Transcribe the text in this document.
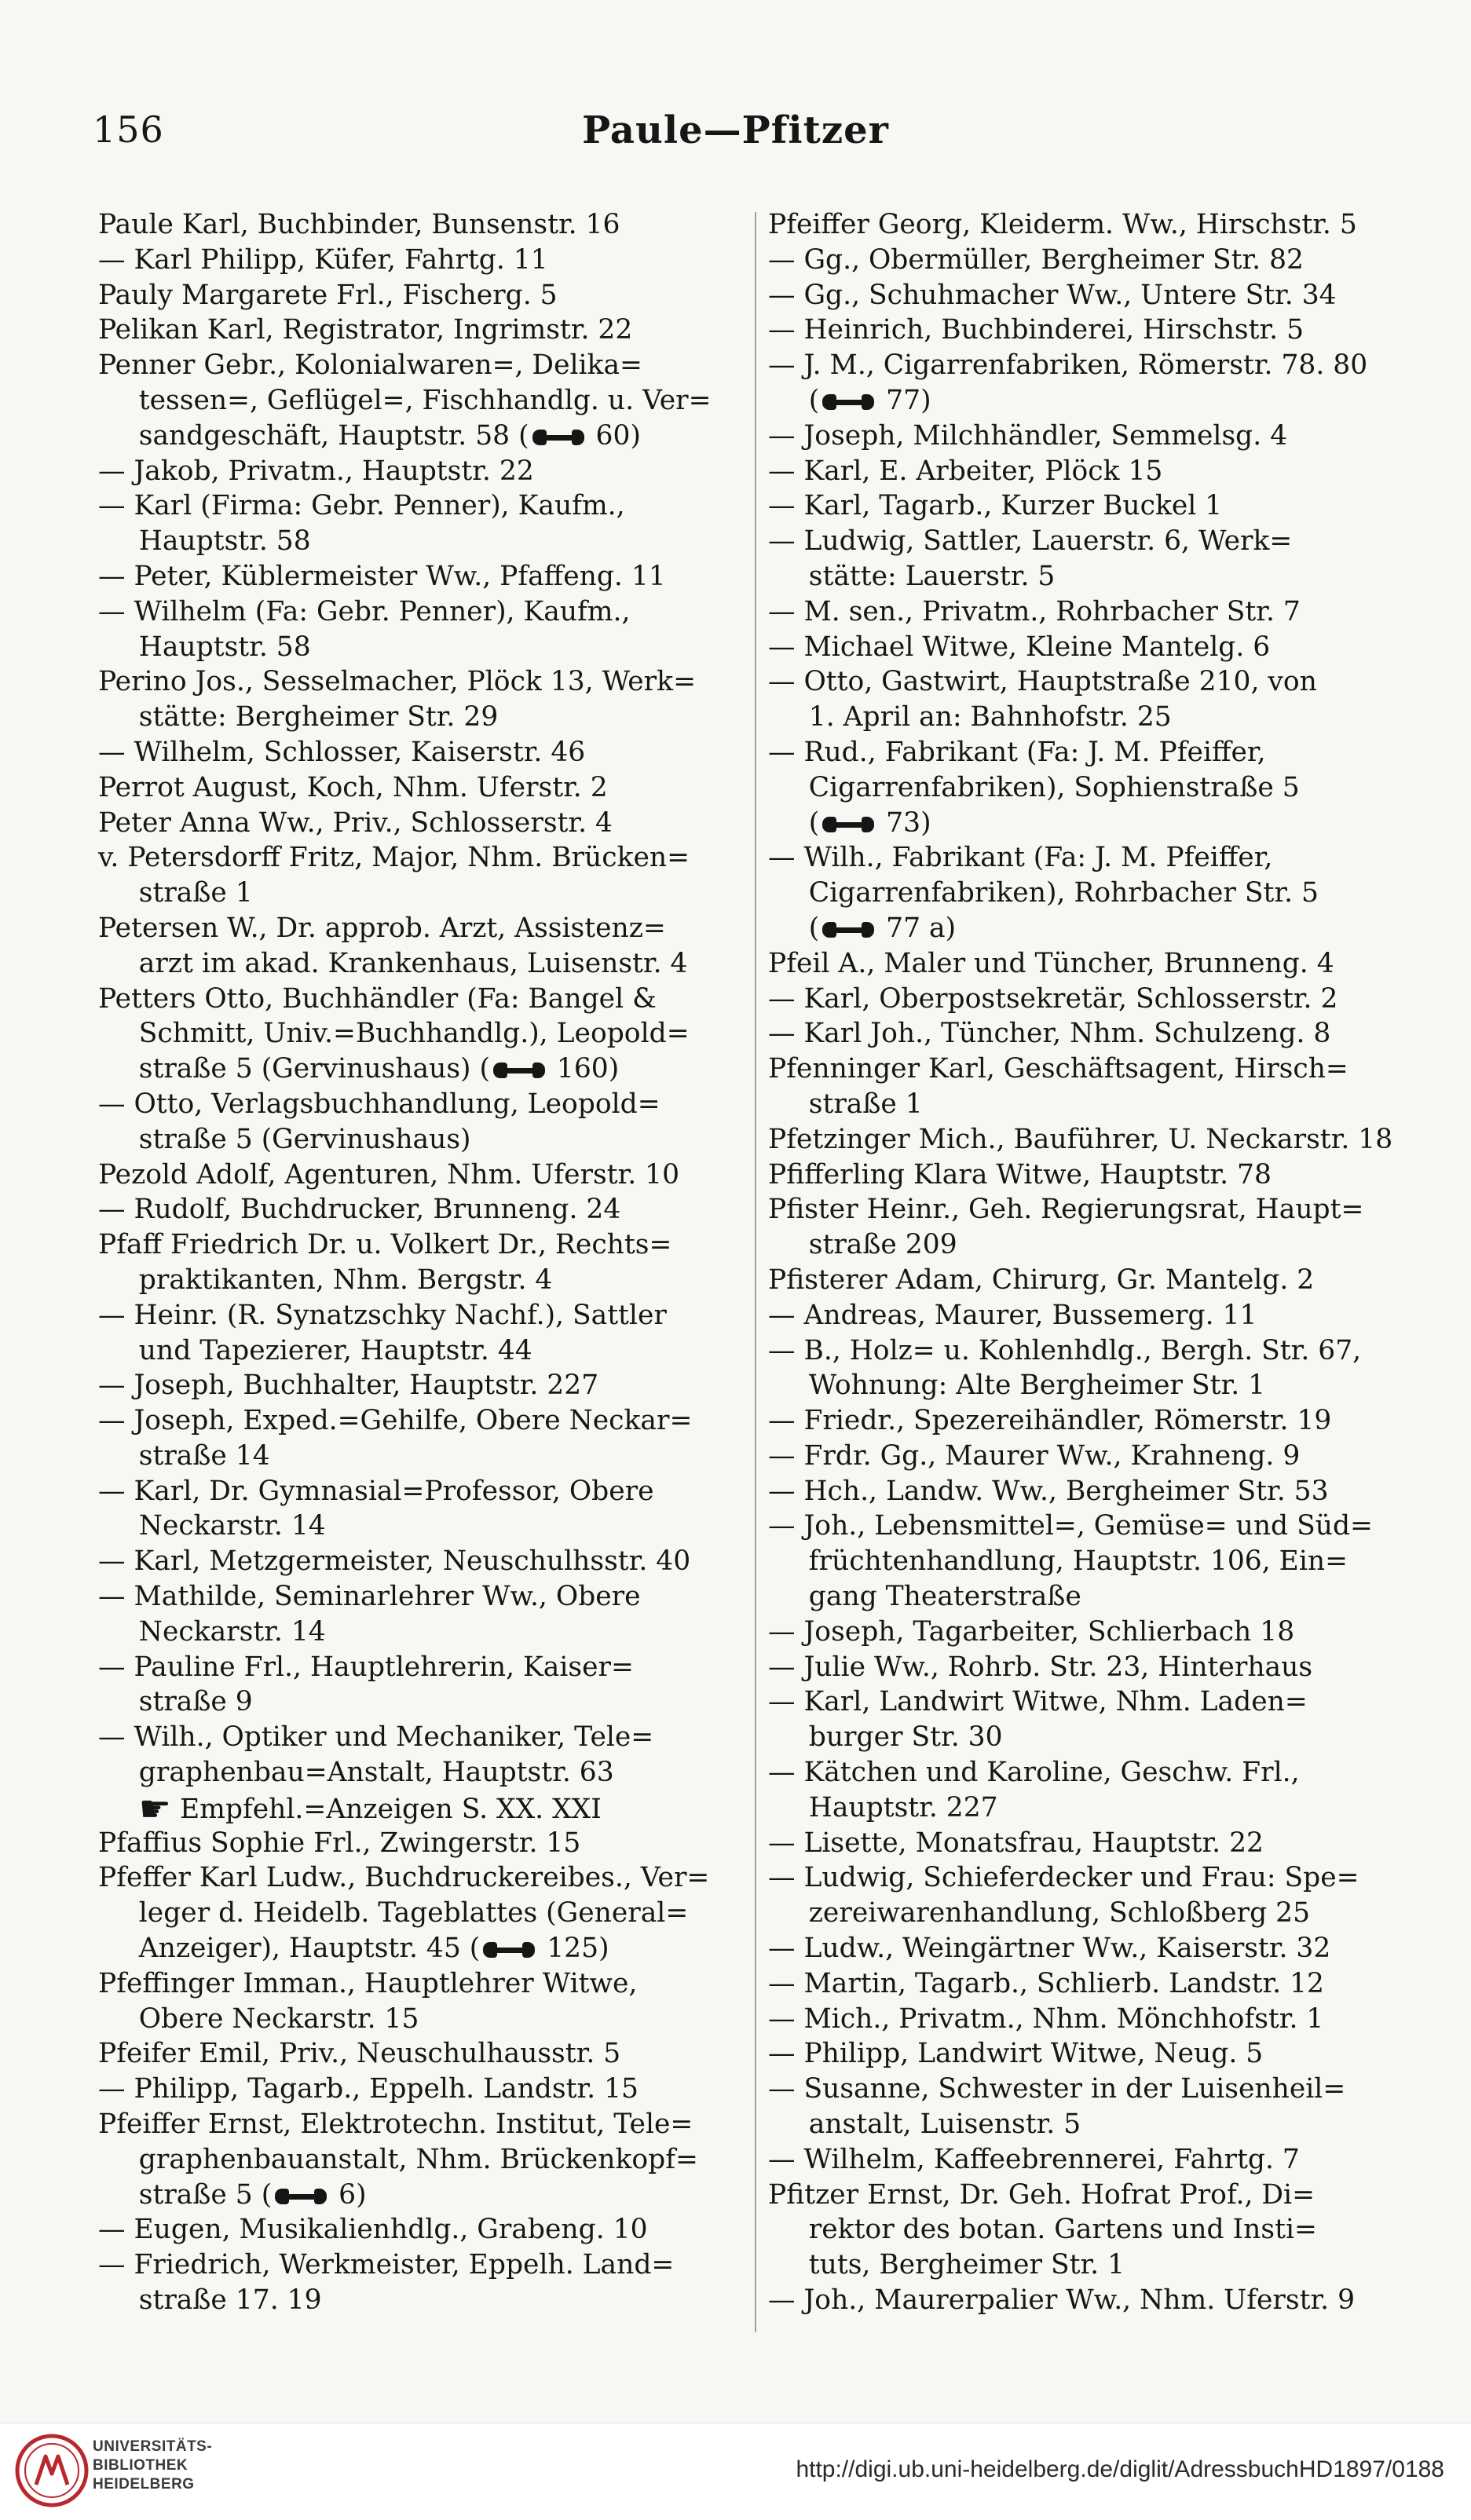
156	Paule—Pfitzer
Paule Karl, Buchbinder, Bunsenstr. 16
— Karl Philipp, Küfer, Fahrtg. 11
Pauly Margarete Frl., Fischerg. 5
Pelikan Karl, Registrator, Ingrimstr. 22
Penner Gebr., Kolonialwaren=, Delika=
  tessen=, Geflügel=, Fischhandlg. u. Ver=
  sandgeschäft, Hauptstr. 58 (
60)
— Jakob, Privatm., Hauptstr. 22
— Karl (Firma: Gebr. Penner), Kaufm.,
  Hauptstr. 58
— Peter, Küblermeister Ww., Pfaffeng. 11
— Wilhelm (Fa: Gebr. Penner), Kaufm.,
  Hauptstr. 58
Perino Jos., Sesselmacher, Plöck 13, Werk=
  stätte: Bergheimer Str. 29
— Wilhelm, Schlosser, Kaiserstr. 46
Perrot August, Koch, Nhm. Uferstr. 2
Peter Anna Ww., Priv., Schlosserstr. 4
v. Petersdorff Fritz, Major, Nhm. Brücken=
  straße 1
Petersen W., Dr. approb. Arzt, Assistenz=
  arzt im akad. Krankenhaus, Luisenstr. 4
Petters Otto, Buchhändler (Fa: Bangel &
  Schmitt, Univ.=Buchhandlg.), Leopold=
  straße 5 (Gervinushaus) (
160)
— Otto, Verlagsbuchhandlung, Leopold=
  straße 5 (Gervinushaus)
Pezold Adolf, Agenturen, Nhm. Uferstr. 10
— Rudolf, Buchdrucker, Brunneng. 24
Pfaff Friedrich Dr. u. Volkert Dr., Rechts=
  praktikanten, Nhm. Bergstr. 4
— Heinr. (R. Synatzschky Nachf.), Sattler
  und Tapezierer, Hauptstr. 44
— Joseph, Buchhalter, Hauptstr. 227
— Joseph, Exped.=Gehilfe, Obere Neckar=
  straße 14
— Karl, Dr. Gymnasial=Professor, Obere
  Neckarstr. 14
— Karl, Metzgermeister, Neuschulhsstr. 40
— Mathilde, Seminarlehrer Ww., Obere
  Neckarstr. 14
— Pauline Frl., Hauptlehrerin, Kaiser=
  straße 9
— Wilh., Optiker und Mechaniker, Tele=
  graphenbau=Anstalt, Hauptstr. 63
  ☛ Empfehl.=Anzeigen S. XX. XXI
Pfaffius Sophie Frl., Zwingerstr. 15
Pfeffer Karl Ludw., Buchdruckereibes., Ver=
  leger d. Heidelb. Tageblattes (General=
  Anzeiger), Hauptstr. 45 (
125)
Pfeffinger Imman., Hauptlehrer Witwe,
  Obere Neckarstr. 15
Pfeifer Emil, Priv., Neuschulhausstr. 5
— Philipp, Tagarb., Eppelh. Landstr. 15
Pfeiffer Ernst, Elektrotechn. Institut, Tele=
  graphenbauanstalt, Nhm. Brückenkopf=
  straße 5 (
6)
— Eugen, Musikalienhdlg., Grabeng. 10
— Friedrich, Werkmeister, Eppelh. Land=
  straße 17. 19
Pfeiffer Georg, Kleiderm. Ww., Hirschstr. 5
— Gg., Obermüller, Bergheimer Str. 82
— Gg., Schuhmacher Ww., Untere Str. 34
— Heinrich, Buchbinderei, Hirschstr. 5
— J. M., Cigarrenfabriken, Römerstr. 78. 80
  (
77)
— Joseph, Milchhändler, Semmelsg. 4
— Karl, E. Arbeiter, Plöck 15
— Karl, Tagarb., Kurzer Buckel 1
— Ludwig, Sattler, Lauerstr. 6, Werk=
  stätte: Lauerstr. 5
— M. sen., Privatm., Rohrbacher Str. 7
— Michael Witwe, Kleine Mantelg. 6
— Otto, Gastwirt, Hauptstraße 210, von
  1. April an: Bahnhofstr. 25
— Rud., Fabrikant (Fa: J. M. Pfeiffer,
  Cigarrenfabriken), Sophienstraße 5
  (
73)
— Wilh., Fabrikant (Fa: J. M. Pfeiffer,
  Cigarrenfabriken), Rohrbacher Str. 5
  (
77 a)
Pfeil A., Maler und Tüncher, Brunneng. 4
— Karl, Oberpostsekretär, Schlosserstr. 2
— Karl Joh., Tüncher, Nhm. Schulzeng. 8
Pfenninger Karl, Geschäftsagent, Hirsch=
  straße 1
Pfetzinger Mich., Bauführer, U. Neckarstr. 18
Pfifferling Klara Witwe, Hauptstr. 78
Pfister Heinr., Geh. Regierungsrat, Haupt=
  straße 209
Pfisterer Adam, Chirurg, Gr. Mantelg. 2
— Andreas, Maurer, Bussemerg. 11
— B., Holz= u. Kohlenhdlg., Bergh. Str. 67,
  Wohnung: Alte Bergheimer Str. 1
— Friedr., Spezereihändler, Römerstr. 19
— Frdr. Gg., Maurer Ww., Krahneng. 9
— Hch., Landw. Ww., Bergheimer Str. 53
— Joh., Lebensmittel=, Gemüse= und Süd=
  früchtenhandlung, Hauptstr. 106, Ein=
  gang Theaterstraße
— Joseph, Tagarbeiter, Schlierbach 18
— Julie Ww., Rohrb. Str. 23, Hinterhaus
— Karl, Landwirt Witwe, Nhm. Laden=
  burger Str. 30
— Kätchen und Karoline, Geschw. Frl.,
  Hauptstr. 227
— Lisette, Monatsfrau, Hauptstr. 22
— Ludwig, Schieferdecker und Frau: Spe=
  zereiwarenhandlung, Schloßberg 25
— Ludw., Weingärtner Ww., Kaiserstr. 32
— Martin, Tagarb., Schlierb. Landstr. 12
— Mich., Privatm., Nhm. Mönchhofstr. 1
— Philipp, Landwirt Witwe, Neug. 5
— Susanne, Schwester in der Luisenheil=
  anstalt, Luisenstr. 5
— Wilhelm, Kaffeebrennerei, Fahrtg. 7
Pfitzer Ernst, Dr. Geh. Hofrat Prof., Di=
  rektor des botan. Gartens und Insti=
  tuts, Bergheimer Str. 1
— Joh., Maurerpalier Ww., Nhm. Uferstr. 9
UNIVERSITÄTS-
BIBLIOTHEK
HEIDELBERG
http://digi.ub.uni-heidelberg.de/diglit/AdressbuchHD1897/0188
